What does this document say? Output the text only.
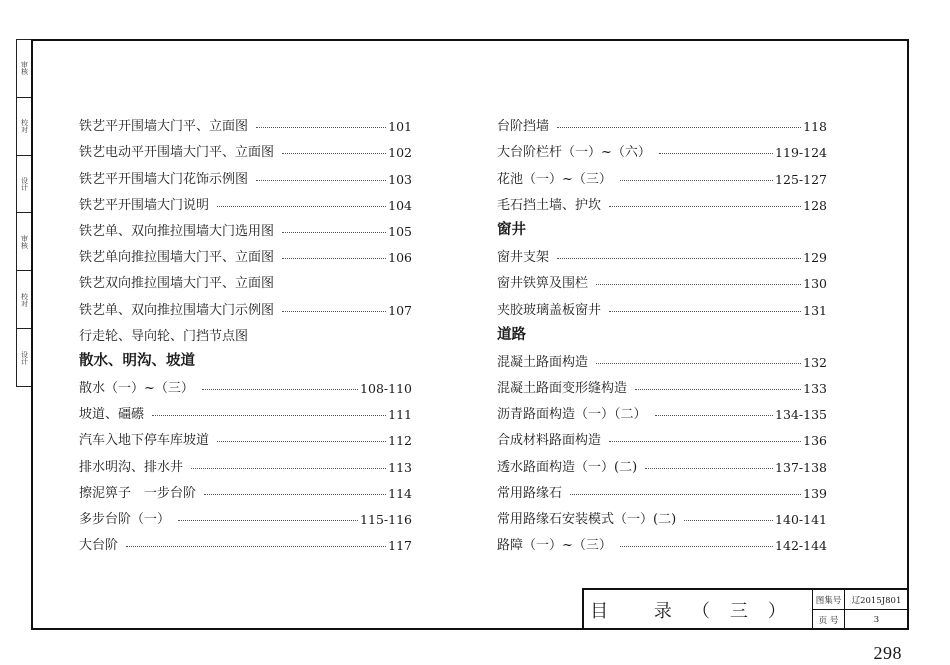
审核
校对
设计
审核
校对
设计
铁艺平开围墙大门平、立面图	101
铁艺电动平开围墙大门平、立面图	102
铁艺平开围墙大门花饰示例图	103
铁艺平开围墙大门说明	104
铁艺单、双向推拉围墙大门选用图	105
铁艺单向推拉围墙大门平、立面图	106
铁艺双向推拉围墙大门平、立面图
铁艺单、双向推拉围墙大门示例图	107
行走轮、导向轮、门挡节点图
散水、明沟、坡道
散水（一）~（三）	108-110
坡道、礓礤	111
汽车入地下停车库坡道	112
排水明沟、排水井	113
擦泥箅子　一步台阶	114
多步台阶（一）	115-116
大台阶	117
台阶挡墙	118
大台阶栏杆（一）~（六）	119-124
花池（一）~（三）	125-127
毛石挡土墙、护坎	128
窗井
窗井支架	129
窗井铁箅及围栏	130
夹胶玻璃盖板窗井	131
道路
混凝土路面构造	132
混凝土路面变形缝构造	133
沥青路面构造（一）（二）	134-135
合成材料路面构造	136
透水路面构造（一）(二)	137-138
常用路缘石	139
常用路缘石安装模式（一）(二)	140-141
路障（一）~（三）	142-144
目 录（三）
图集号	辽2015J801
页 号	3
298
